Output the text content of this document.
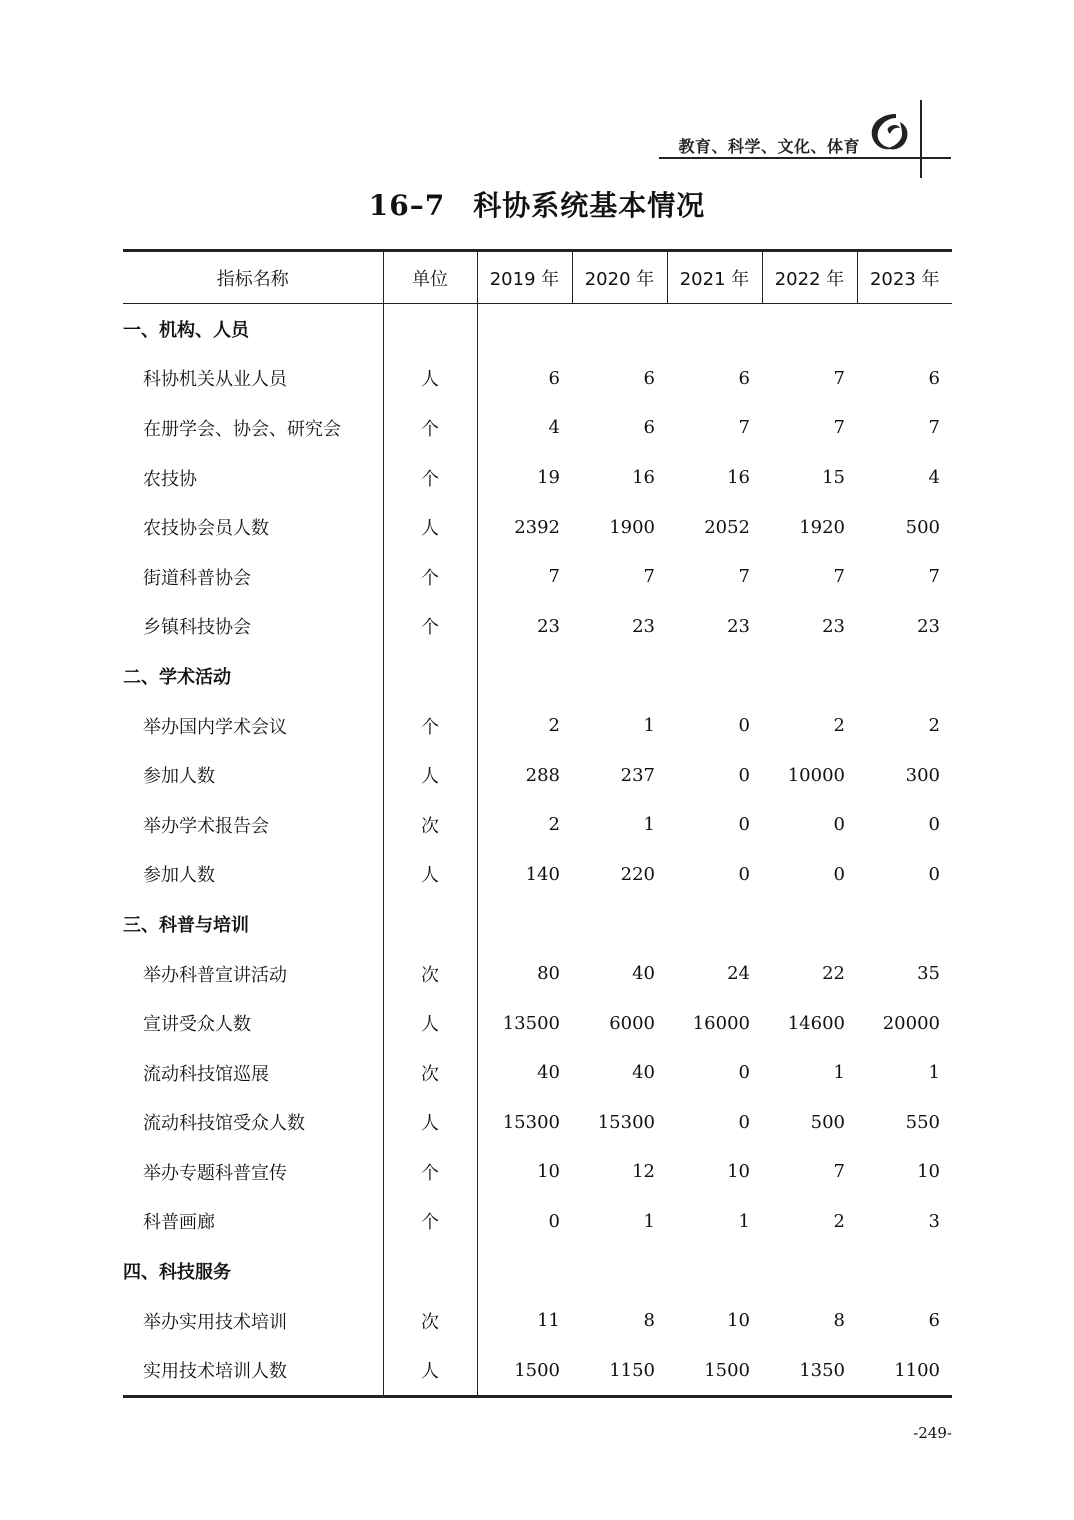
教育、科学、文化、体育
16–7 科协系统基本情况
指标名称	单位	2019 年	2020 年	2021 年	2022 年	2023 年
一、机构、人员						
科协机关从业人员	人	6	6	6	7	6
在册学会、协会、研究会	个	4	6	7	7	7
农技协	个	19	16	16	15	4
农技协会员人数	人	2392	1900	2052	1920	500
街道科普协会	个	7	7	7	7	7
乡镇科技协会	个	23	23	23	23	23
二、学术活动						
举办国内学术会议	个	2	1	0	2	2
参加人数	人	288	237	0	10000	300
举办学术报告会	次	2	1	0	0	0
参加人数	人	140	220	0	0	0
三、科普与培训						
举办科普宣讲活动	次	80	40	24	22	35
宣讲受众人数	人	13500	6000	16000	14600	20000
流动科技馆巡展	次	40	40	0	1	1
流动科技馆受众人数	人	15300	15300	0	500	550
举办专题科普宣传	个	10	12	10	7	10
科普画廊	个	0	1	1	2	3
四、科技服务						
举办实用技术培训	次	11	8	10	8	6
实用技术培训人数	人	1500	1150	1500	1350	1100
-249-
